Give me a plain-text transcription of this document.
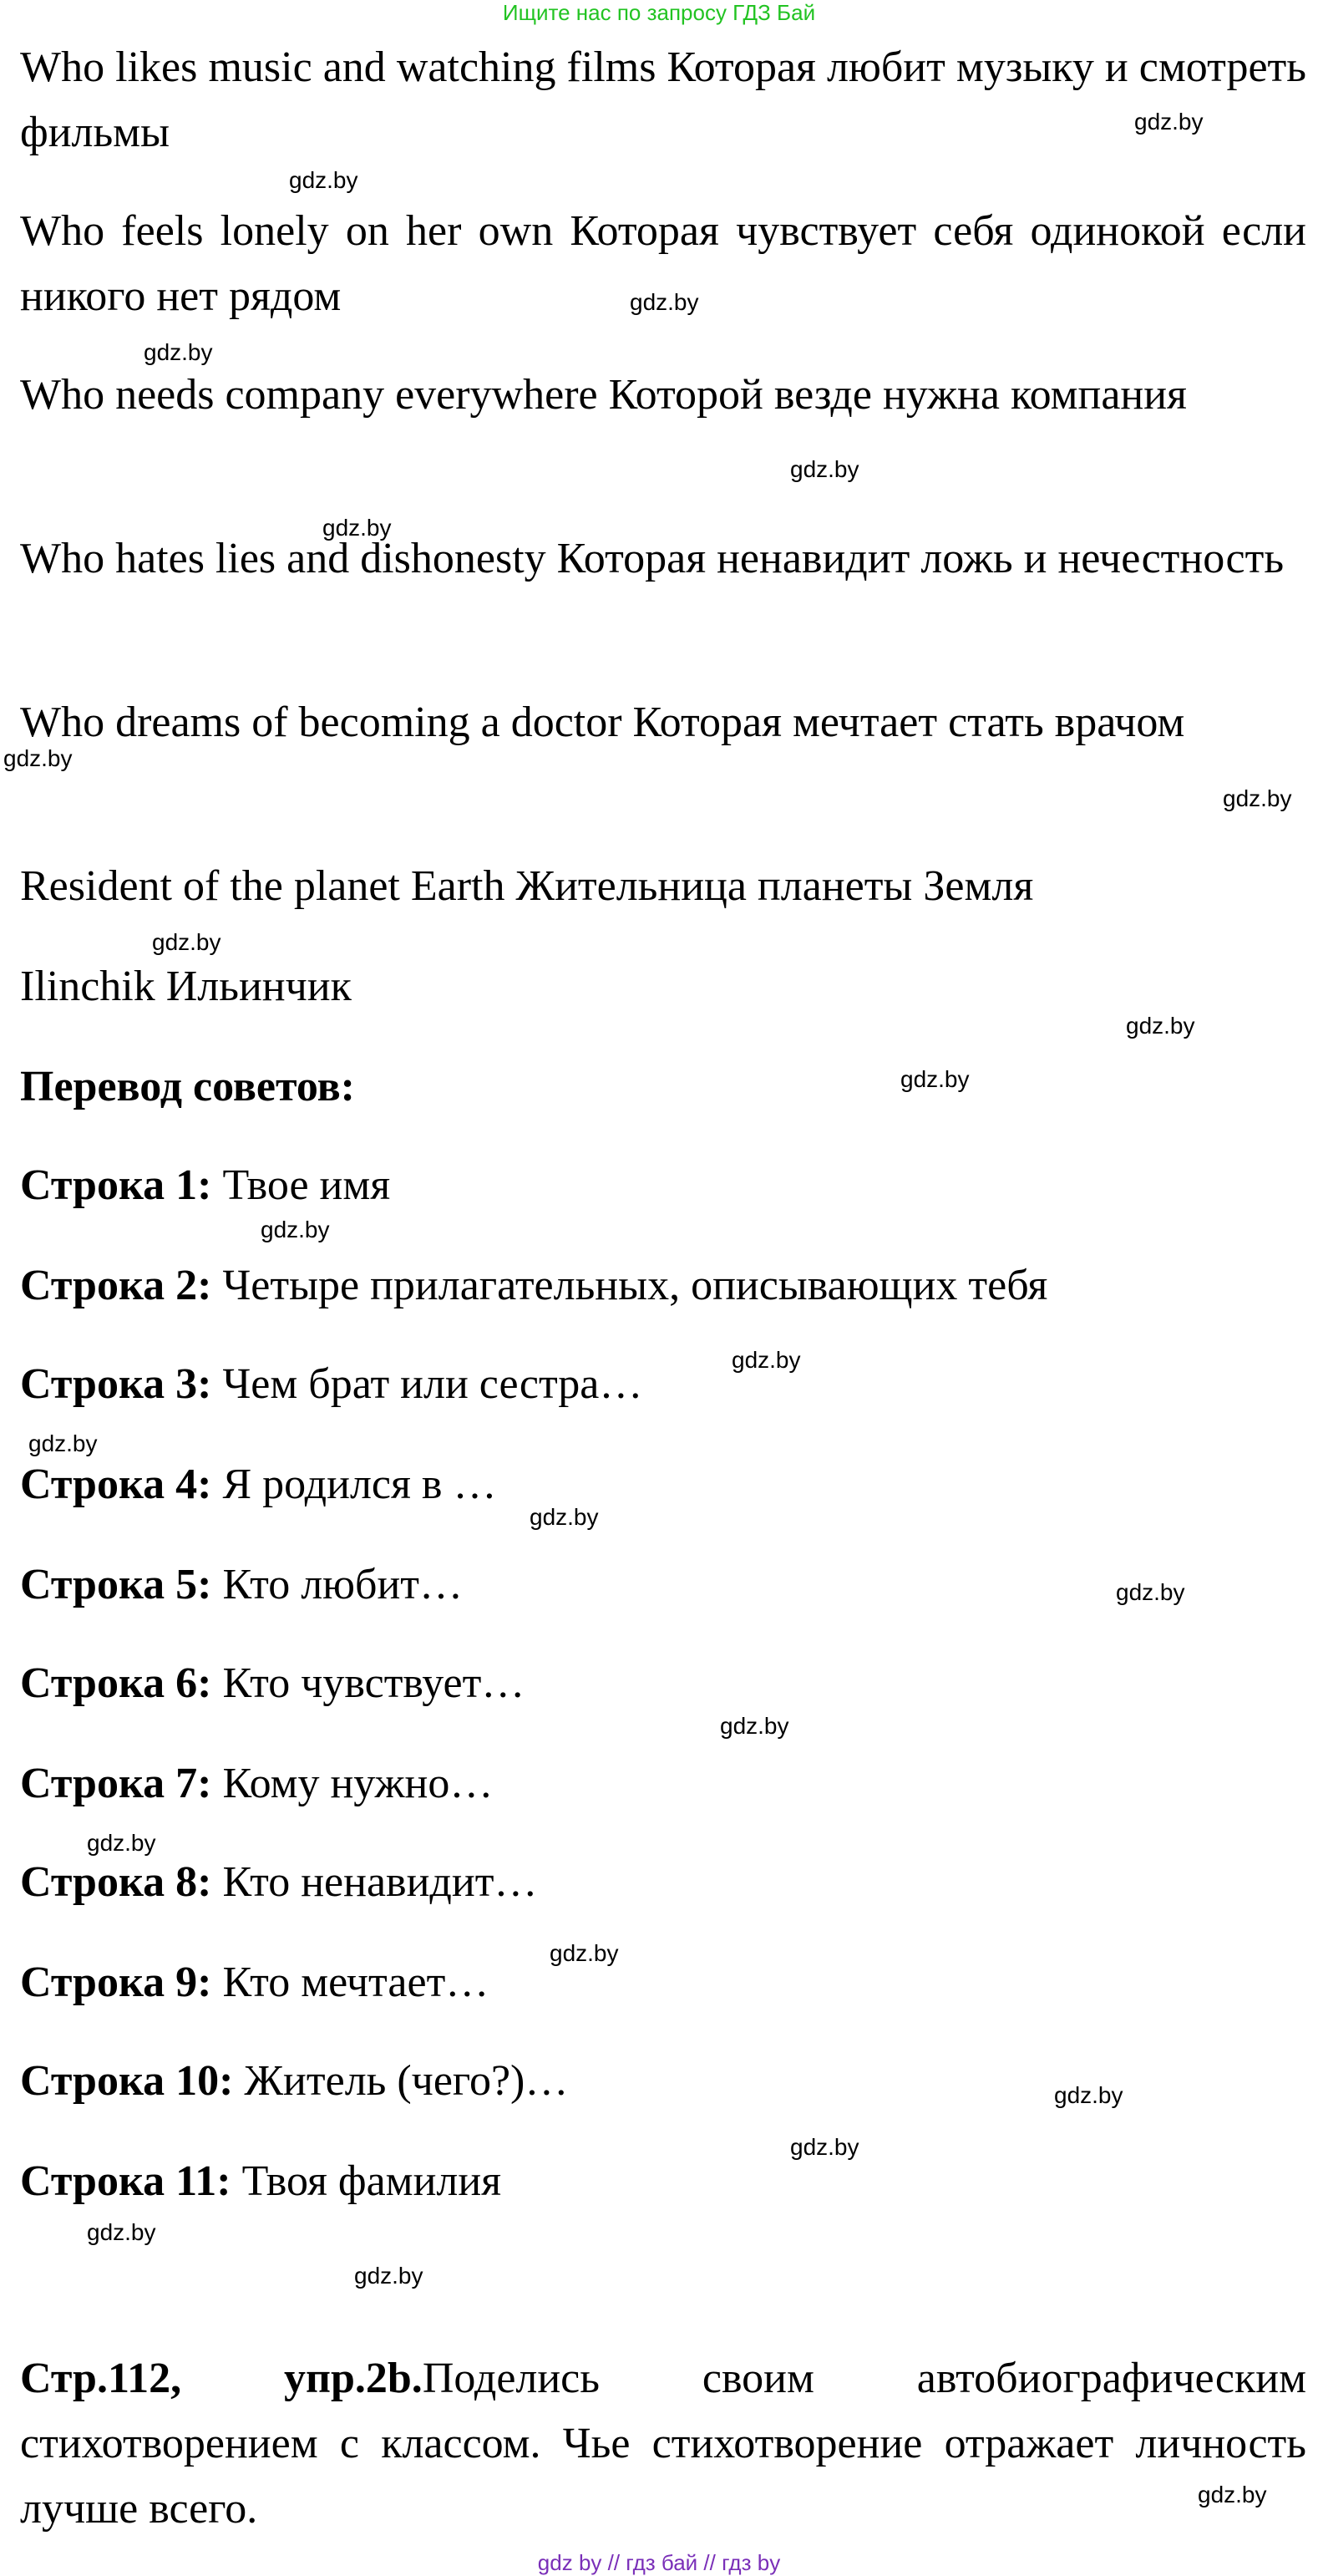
Ищите нас по запросу ГДЗ Бай
Who likes music and watching films Которая любит музыку и смотреть фильмы
Who feels lonely on her own Которая чувствует себя одинокой если никого нет рядом
Who needs company everywhere Которой везде нужна компания
Who hates lies and dishonesty Которая ненавидит ложь и нечестность
Who dreams of becoming a doctor Которая мечтает стать врачом
Resident of the planet Earth Жительница планеты Земля
Ilinchik Ильинчик
Перевод советов:
Строка 1: Твое имя
Строка 2: Четыре прилагательных, описывающих тебя
Строка 3: Чем брат или сестра…
Строка 4: Я родился в …
Строка 5: Кто любит…
Строка 6: Кто чувствует…
Строка 7: Кому нужно…
Строка 8: Кто ненавидит…
Строка 9: Кто мечтает…
Строка 10: Житель (чего?)…
Строка 11: Твоя фамилия
Стр.112, упр.2b.Поделись своим автобиографическим стихотворением с классом. Чье стихотворение отражает личность лучше всего.
gdz.by
gdz.by
gdz.by
gdz.by
gdz.by
gdz.by
gdz.by
gdz.by
gdz.by
gdz.by
gdz.by
gdz.by
gdz.by
gdz.by
gdz.by
gdz.by
gdz.by
gdz.by
gdz.by
gdz.by
gdz.by
gdz.by
gdz.by
gdz.by
gdz by // гдз бай // гдз by
